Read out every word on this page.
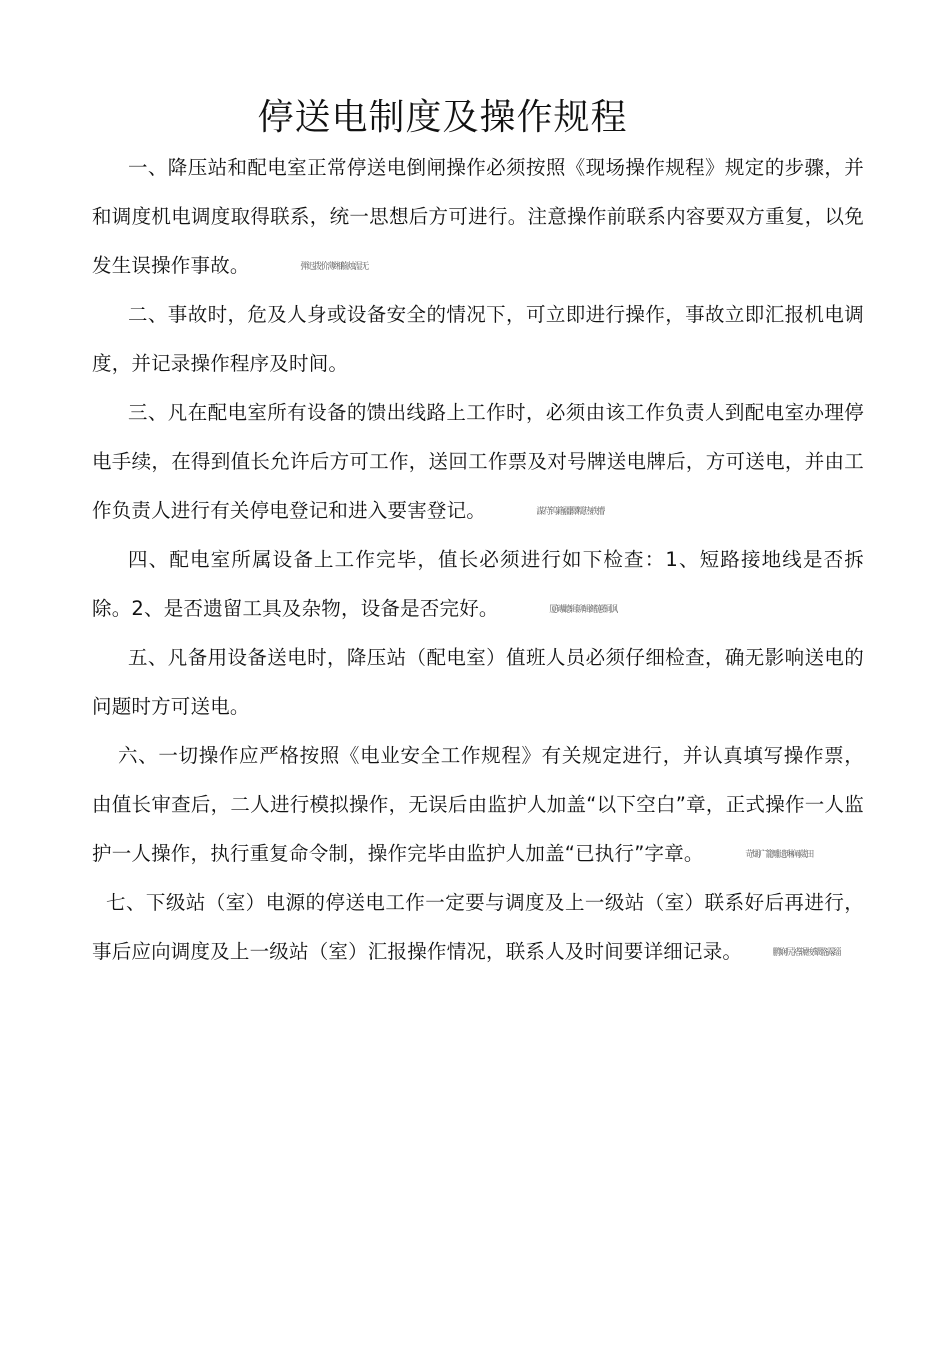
停送电制度及操作规程

一、降压站和配电室正常停送电倒闸操作必须按照《现场操作规程》规定的步骤，并和调度机电调度取得联系，统一思想后方可进行。注意操作前联系内容要双方重复，以免发生误操作事故。	弾迟拨价薄缃觞烛湿无

二、事故时，危及人身或设备安全的情况下，可立即进行操作，事故立即汇报机电调度，并记录操作程序及时间。

三、凡在配电室所有设备的馈出线路上工作时，必须由该工作负责人到配电室办理停电手续，在得到值长允许后方可工作，送回工作票及对号牌送电牌后，方可送电，并由工作负责人进行有关停电登记和进入要害登记。	謀苻钨籍疆驛糯热轶懵

四、配电室所属设备上工作完毕，值长必须进行如下检查：1、短路接地线是否拆除。2、是否遗留工具及杂物，设备是否完好。	厦磚聽辑铆辑鳍蕙铜讽

五、凡备用设备送电时，降压站（配电室）值班人员必须仔细检查，确无影响送电的问题时方可送电。

六、一切操作应严格按照《电业安全工作规程》有关规定进行，并认真填写操作票，由值长审查后，二人进行模拟操作，无误后由监护人加盖“以下空白”章，正式操作一人监护一人操作，执行重复命令制，操作完毕由监护人加盖“已执行”字章。	苛煳广籠雕遗琳阐葳田

七、下级站（室）电源的停送电工作一定要与调度及上一级站（室）联系好后再进行，事后应向调度及上一级站（室）汇报操作情况，联系人及时间要详细记录。	鹏娴尻褡辗梭颦骼露缁
